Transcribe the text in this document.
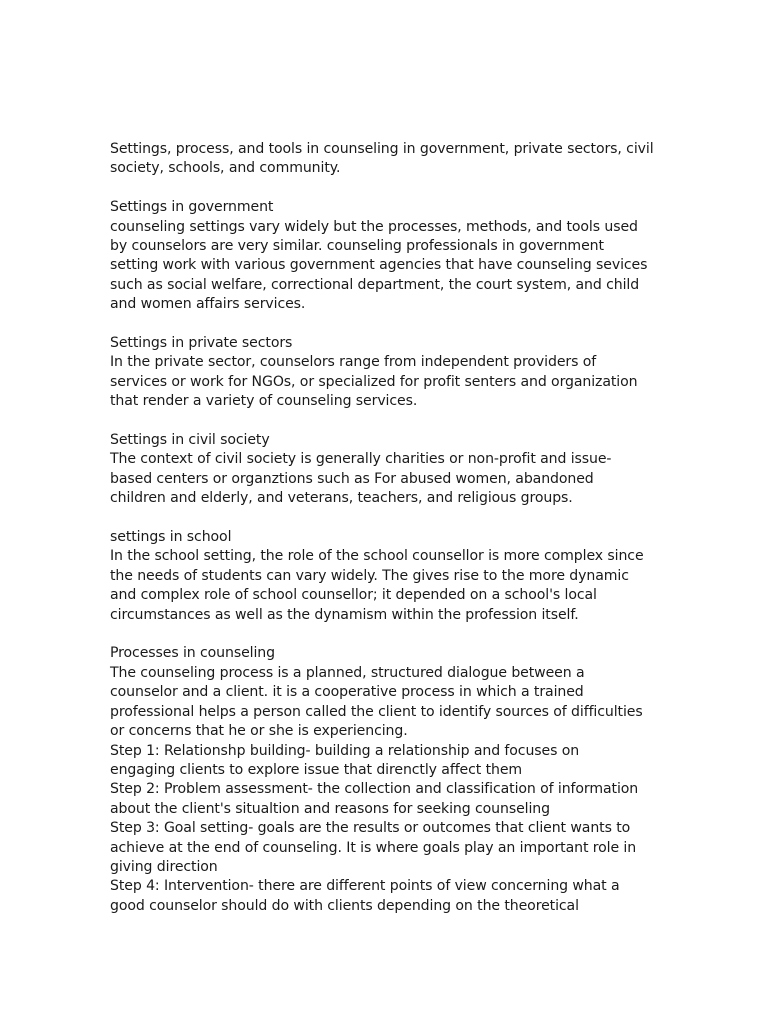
Settings, process, and tools in counseling in government, private sectors, civil
society, schools, and community.
Settings in government
counseling settings vary widely but the processes, methods, and tools used
by counselors are very similar. counseling professionals in government
setting work with various government agencies that have counseling sevices
such as social welfare, correctional department, the court system, and child
and women affairs services.
Settings in private sectors
In the private sector, counselors range from independent providers of
services or work for NGOs, or specialized for profit senters and organization
that render a variety of counseling services.
Settings in civil society
The context of civil society is generally charities or non-profit and issue-
based centers or organztions such as For abused women, abandoned
children and elderly, and veterans, teachers, and religious groups.
settings in school
In the school setting, the role of the school counsellor is more complex since
the needs of students can vary widely. The gives rise to the more dynamic
and complex role of school counsellor; it depended on a school's local
circumstances as well as the dynamism within the profession itself.
Processes in counseling
The counseling process is a planned, structured dialogue between a
counselor and a client. it is a cooperative process in which a trained
professional helps a person called the client to identify sources of difficulties
or concerns that he or she is experiencing.
Step 1: Relationshp building- building a relationship and focuses on
engaging clients to explore issue that direnctly affect them
Step 2: Problem assessment- the collection and classification of information
about the client's situaltion and reasons for seeking counseling
Step 3: Goal setting- goals are the results or outcomes that client wants to
achieve at the end of counseling. It is where goals play an important role in
giving direction
Step 4: Intervention- there are different points of view concerning what a
good counselor should do with clients depending on the theoretical
